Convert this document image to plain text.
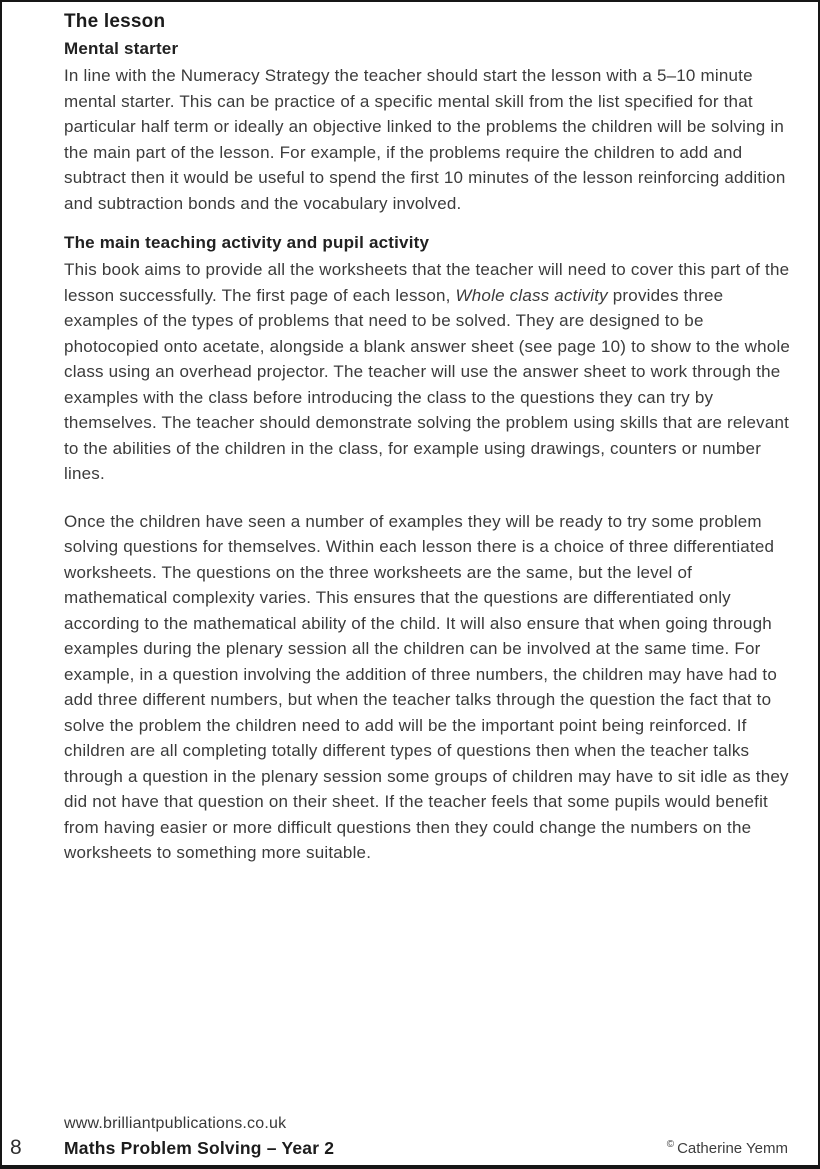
The lesson
Mental starter

In line with the Numeracy Strategy the teacher should start the lesson with a 5–10 minute mental starter. This can be practice of a specific mental skill from the list specified for that particular half term or ideally an objective linked to the problems the children will be solving in the main part of the lesson. For example, if the problems require the children to add and subtract then it would be useful to spend the first 10 minutes of the lesson reinforcing addition and subtraction bonds and the vocabulary involved.

The main teaching activity and pupil activity

This book aims to provide all the worksheets that the teacher will need to cover this part of the lesson successfully. The first page of each lesson, Whole class activity provides three examples of the types of problems that need to be solved. They are designed to be photocopied onto acetate, alongside a blank answer sheet (see page 10) to show to the whole class using an overhead projector. The teacher will use the answer sheet to work through the examples with the class before introducing the class to the questions they can try by themselves. The teacher should demonstrate solving the problem using skills that are relevant to the abilities of the children in the class, for example using drawings, counters or number lines.

Once the children have seen a number of examples they will be ready to try some problem solving questions for themselves. Within each lesson there is a choice of three differentiated worksheets. The questions on the three worksheets are the same, but the level of mathematical complexity varies. This ensures that the questions are differentiated only according to the mathematical ability of the child. It will also ensure that when going through examples during the plenary session all the children can be involved at the same time. For example, in a question involving the addition of three numbers, the children may have had to add three different numbers, but when the teacher talks through the question the fact that to solve the problem the children need to add will be the important point being reinforced. If children are all completing totally different types of questions then when the teacher talks through a question in the plenary session some groups of children may have to sit idle as they did not have that question on their sheet. If the teacher feels that some pupils would benefit from having easier or more difficult questions then they could change the numbers on the worksheets to something more suitable.

www.brilliantpublications.co.uk
8 Maths Problem Solving – Year 2	© Catherine Yemm
